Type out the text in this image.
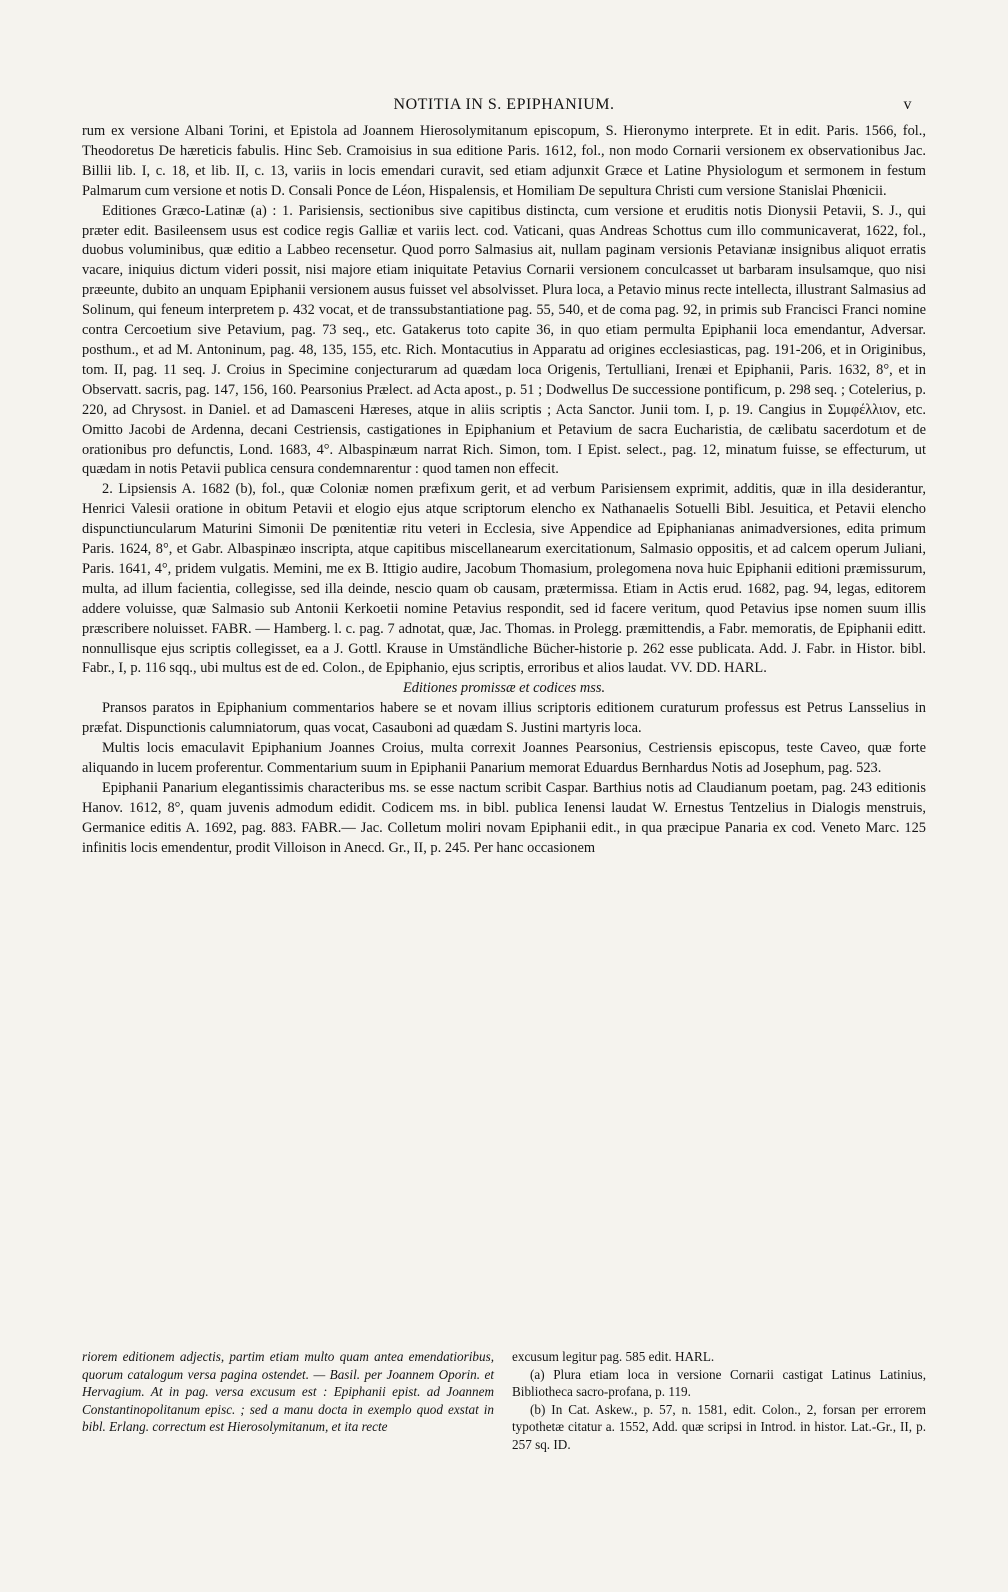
NOTITIA IN S. EPIPHANIUM.	v

rum ex versione Albani Torini, et Epistola ad Joannem Hierosolymitanum episcopum, S. Hieronymo interprete. Et in edit. Paris. 1566, fol., Theodoretus De hæreticis fabulis. Hinc Seb. Cramoisius in sua editione Paris. 1612, fol., non modo Cornarii versionem ex observationibus Jac. Billii lib. I, c. 18, et lib. II, c. 13, variis in locis emendari curavit, sed etiam adjunxit Græce et Latine Physiologum et sermonem in festum Palmarum cum versione et notis D. Consali Ponce de Léon, Hispalensis, et Homiliam De sepultura Christi cum versione Stanislai Phœnicii.

Editiones Græco-Latinæ (a) : 1. Parisiensis, sectionibus sive capitibus distincta, cum versione et eruditis notis Dionysii Petavii, S. J., qui præter edit. Basileensem usus est codice regis Galliæ et variis lect. cod. Vaticani, quas Andreas Schottus cum illo communicaverat, 1622, fol., duobus voluminibus, quæ editio a Labbeo recensetur. Quod porro Salmasius ait, nullam paginam versionis Petavianæ insignibus aliquot erratis vacare, iniquius dictum videri possit, nisi majore etiam iniquitate Petavius Cornarii versionem conculcasset ut barbaram insulsamque, quo nisi præeunte, dubito an unquam Epiphanii versionem ausus fuisset vel absolvisset. Plura loca, a Petavio minus recte intellecta, illustrant Salmasius ad Solinum, qui feneum interpretem p. 432 vocat, et de transsubstantiatione pag. 55, 540, et de coma pag. 92, in primis sub Francisci Franci nomine contra Cercoetium sive Petavium, pag. 73 seq., etc. Gatakerus toto capite 36, in quo etiam permulta Epiphanii loca emendantur, Adversar. posthum., et ad M. Antoninum, pag. 48, 135, 155, etc. Rich. Montacutius in Apparatu ad origines ecclesiasticas, pag. 191-206, et in Originibus, tom. II, pag. 11 seq. J. Croius in Specimine conjecturarum ad quædam loca Origenis, Tertulliani, Irenæi et Epiphanii, Paris. 1632, 8°, et in Observatt. sacris, pag. 147, 156, 160. Pearsonius Prælect. ad Acta apost., p. 51 ; Dodwellus De successione pontificum, p. 298 seq. ; Cotelerius, p. 220, ad Chrysost. in Daniel. et ad Damasceni Hæreses, atque in aliis scriptis ; Acta Sanctor. Junii tom. I, p. 19. Cangius in Συμφέλλιον, etc. Omitto Jacobi de Ardenna, decani Cestriensis, castigationes in Epiphanium et Petavium de sacra Eucharistia, de cælibatu sacerdotum et de orationibus pro defunctis, Lond. 1683, 4°. Albaspinæum narrat Rich. Simon, tom. I Epist. select., pag. 12, minatum fuisse, se effecturum, ut quædam in notis Petavii publica censura condemnarentur : quod tamen non effecit.

2. Lipsiensis A. 1682 (b), fol., quæ Coloniæ nomen præfixum gerit, et ad verbum Parisiensem exprimit, additis, quæ in illa desiderantur, Henrici Valesii oratione in obitum Petavii et elogio ejus atque scriptorum elencho ex Nathanaelis Sotuelli Bibl. Jesuitica, et Petavii elencho dispunctiuncularum Maturini Simonii De pœnitentiæ ritu veteri in Ecclesia, sive Appendice ad Epiphanianas animadversiones, edita primum Paris. 1624, 8°, et Gabr. Albaspinæo inscripta, atque capitibus miscellanearum exercitationum, Salmasio oppositis, et ad calcem operum Juliani, Paris. 1641, 4°, pridem vulgatis. Memini, me ex B. Ittigio audire, Jacobum Thomasium, prolegomena nova huic Epiphanii editioni præmissurum, multa, ad illum facientia, collegisse, sed illa deinde, nescio quam ob causam, prætermissa. Etiam in Actis erud. 1682, pag. 94, legas, editorem addere voluisse, quæ Salmasio sub Antonii Kerkoetii nomine Petavius respondit, sed id facere veritum, quod Petavius ipse nomen suum illis præscribere noluisset. FABR. — Hamberg. l. c. pag. 7 adnotat, quæ, Jac. Thomas. in Prolegg. præmittendis, a Fabr. memoratis, de Epiphanii editt. nonnullisque ejus scriptis collegisset, ea a J. Gottl. Krause in Umständliche Bücher-historie p. 262 esse publicata. Add. J. Fabr. in Histor. bibl. Fabr., I, p. 116 sqq., ubi multus est de ed. Colon., de Epiphanio, ejus scriptis, erroribus et alios laudat. VV. DD. HARL.

Editiones promissæ et codices mss.

Pransos paratos in Epiphanium commentarios habere se et novam illius scriptoris editionem curaturum professus est Petrus Lansselius in præfat. Dispunctionis calumniatorum, quas vocat, Casauboni ad quædam S. Justini martyris loca.

Multis locis emaculavit Epiphanium Joannes Croius, multa correxit Joannes Pearsonius, Cestriensis episcopus, teste Caveo, quæ forte aliquando in lucem proferentur. Commentarium suum in Epiphanii Panarium memorat Eduardus Bernhardus Notis ad Josephum, pag. 523.

Epiphanii Panarium elegantissimis characteribus ms. se esse nactum scribit Caspar. Barthius notis ad Claudianum poetam, pag. 243 editionis Hanov. 1612, 8°, quam juvenis admodum edidit. Codicem ms. in bibl. publica Ienensi laudat W. Ernestus Tentzelius in Dialogis menstruis, Germanice editis A. 1692, pag. 883. FABR.— Jac. Colletum moliri novam Epiphanii edit., in qua præcipue Panaria ex cod. Veneto Marc. 125 infinitis locis emendentur, prodit Villoison in Anecd. Gr., II, p. 245. Per hanc occasionem

riorem editionem adjectis, partim etiam multo quam antea emendatioribus, quorum catalogum versa pagina ostendet. — Basil. per Joannem Oporin. et Hervagium. At in pag. versa excusum est : Epiphanii epist. ad Joannem Constantinopolitanum episc. ; sed a manu docta in exemplo quod exstat in bibl. Erlang. correctum est Hierosolymitanum, et ita recte

excusum legitur pag. 585 edit. HARL.

(a) Plura etiam loca in versione Cornarii castigat Latinus Latinius, Bibliotheca sacro-profana, p. 119.

(b) In Cat. Askew., p. 57, n. 1581, edit. Colon., 2, forsan per errorem typothetæ citatur a. 1552, Add. quæ scripsi in Introd. in histor. Lat.-Gr., II, p. 257 sq. ID.
